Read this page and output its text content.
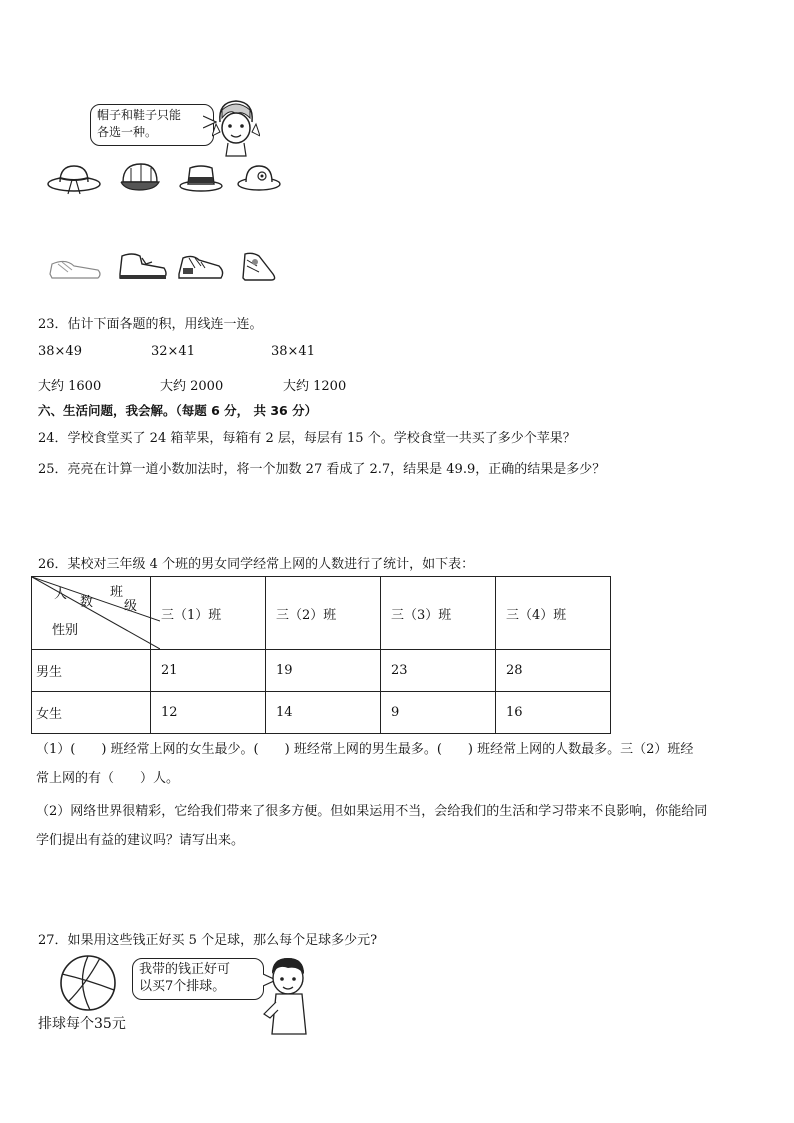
帽子和鞋子只能
各选一种。
23．估计下面各题的积，用线连一连。
38×49	32×41	38×41
大约 1600	大约 2000	大约 1200
六、生活问题，我会解。（每题 6 分， 共 36 分）
24．学校食堂买了 24 箱苹果，每箱有 2 层，每层有 15 个。学校食堂一共买了多少个苹果？
25．亮亮在计算一道小数加法时，将一个加数 27 看成了 2.7，结果是 49.9，正确的结果是多少？
26．某校对三年级 4 个班的男女同学经常上网的人数进行了统计，如下表：
人
数
班
级
性别	三（1）班	三（2）班	三（3）班	三（4）班
男生	21	19	23	28
女生	12	14	9	16
（1）(　　) 班经常上网的女生最少。(　　) 班经常上网的男生最多。(　　) 班经常上网的人数最多。三（2）班经
常上网的有（　　）人。
（2）网络世界很精彩，它给我们带来了很多方便。但如果运用不当，会给我们的生活和学习带来不良影响，你能给同
学们提出有益的建议吗？请写出来。
27．如果用这些钱正好买 5 个足球，那么每个足球多少元?
排球每个35元
我带的钱正好可
以买7个排球。
